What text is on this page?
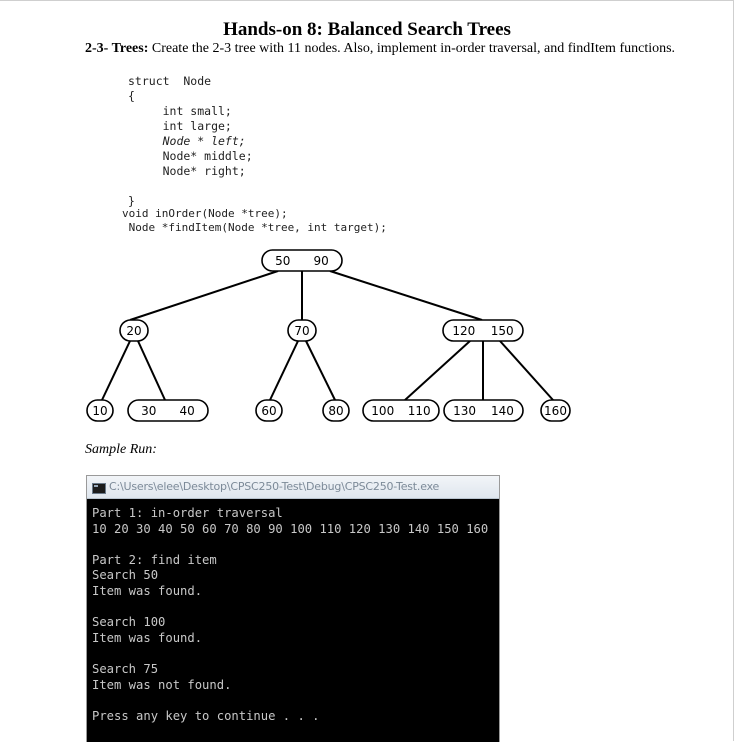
Hands-on 8: Balanced Search Trees
2-3- Trees: Create the 2-3 tree with 11 nodes. Also, implement in-order traversal, and findItem functions.
struct  Node
{
int small;
int large;
Node * left;
Node* middle;
Node* right;

}
void inOrder(Node *tree);
Node *findItem(Node *tree, int target);
50 90
20	70	120 150
10	30 40	60	80 100 110 130 140	160
Sample Run:
C:\Users\elee\Desktop\CPSC250-Test\Debug\CPSC250-Test.exe
Part 1: in-order traversal
10 20 30 40 50 60 70 80 90 100 110 120 130 140 150 160

Part 2: find item
Search 50
Item was found.

Search 100
Item was found.

Search 75
Item was not found.

Press any key to continue . . .
